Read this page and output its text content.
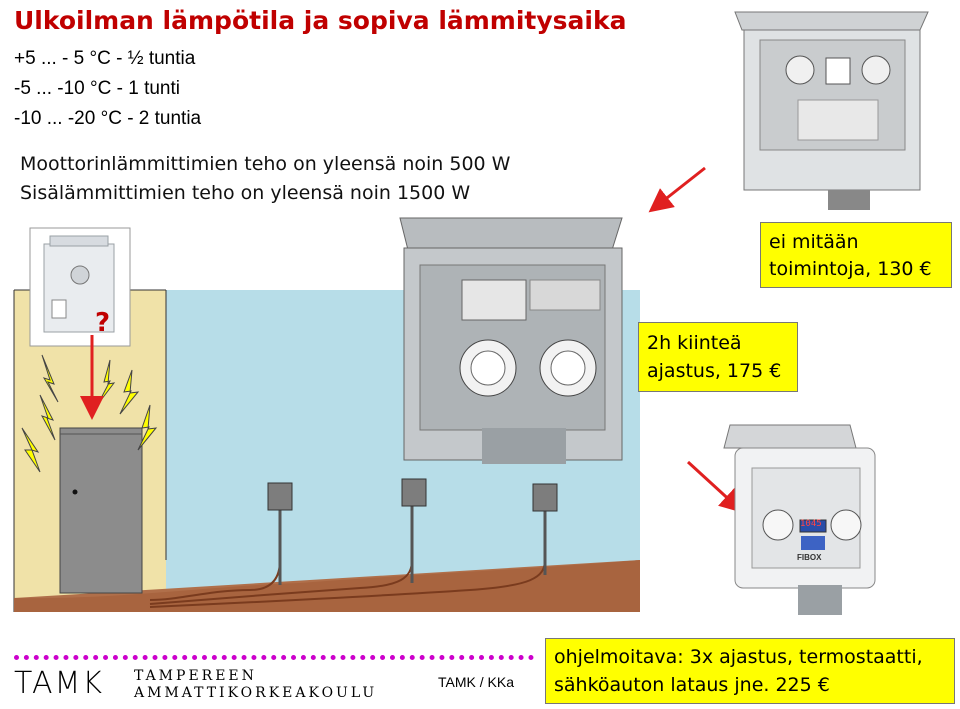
Ulkoilman lämpötila ja sopiva lämmitysaika
+5 ... - 5 °C - ½ tuntia
-5 ... -10 °C - 1 tunti
-10 ... -20 °C - 2 tuntia
Moottorinlämmittimien teho on yleensä noin 500 W
Sisälämmittimien teho on yleensä noin 1500 W
1045
FIBOX
?
ei mitään
toimintoja, 130 €
2h kiinteä
ajastus, 175 €
ohjelmoitava: 3x ajastus, termostaatti,
sähköauton lataus jne. 225 €
TAMK / KKa
TAMK TAMPEREEN
AMMATTIKORKEAKOULU
